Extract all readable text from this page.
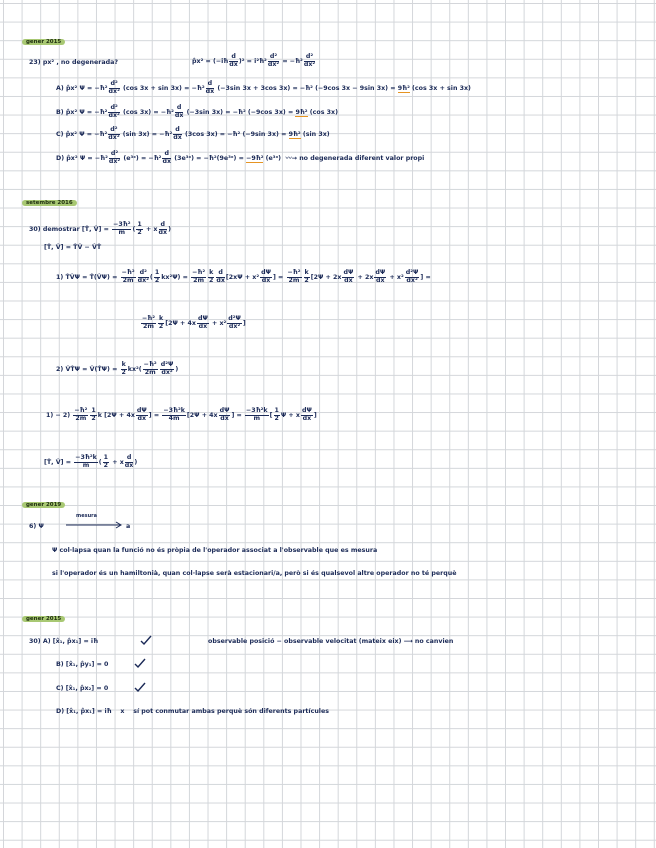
gener 2015
23) px² , no degenerada?	p̂x² = (−iħ $\frac{d}{dx} )^2$ = i²ħ² $\frac{\text{d²}}{\text{dx²}}$ = −ħ² $\frac{\text{d²}}{\text{dx²}}$
A) p̂x² Ψ = −ħ² $\frac{\text{d²}}{\text{dx²}} (\cos$ 3x + sin 3x) = −ħ² $\frac{d}{dx} (-3\sin$ 3x + 3cos 3x) = −ħ² (−9cos 3x − 9sin 3x) = 9ħ² (cos 3x + sin 3x)
B) p̂x² Ψ = −ħ² $\frac{\text{d²}}{\text{dx²}} (\cos$ 3x) = −ħ² $\frac{d}{dx} (-3\sin$ 3x) = −ħ² (−9cos 3x) = 9ħ² (cos 3x)
C) p̂x² Ψ = −ħ² $\frac{\text{d²}}{\text{dx²}} (\sin$ 3x) = −ħ² $\frac{d}{dx} (3\cos$ 3x) = −ħ² (−9sin 3x) = 9ħ² (sin 3x)
D) p̂x² Ψ = −ħ² $\frac{\text{d²}}{\text{dx²}}$ (e³ˣ) = −ħ² $\frac{d}{dx}$ (3e³ˣ) = −ħ²(9e³ˣ) = −9ħ² (e³ˣ) 〰→ no degenerada diferent valor propi
setembre 2016
30) demostrar [T̂, V̂] = $\frac{\text{−3ħ²}}{m}$ ( $\frac{1}{2} + x \frac{d}{dx}$ )
[T̂, V̂] = T̂V̂ − V̂T̂
1) T̂V̂Ψ = T̂(V̂Ψ) = $\frac{\text{−ħ²}}{2m} \frac{\text{d²}}{\text{dx²}}$ ( $\frac{1}{2} kx^2\Psi) = \frac{\text{−ħ²}}{2m} \frac{k}{2} \frac{d}{dx} [2x\Psi + x^2 \frac{d\Psi}{dx}$ ] = $\frac{\text{−ħ²}}{2m} \frac{k}{2} [2\Psi + 2x \frac{d\Psi}{dx} + 2x \frac{d\Psi}{dx} + x^2 \frac{\text{d²Ψ}}{\text{dx²}}$ ] =
$\frac{\text{−ħ²}}{2m} \frac{k}{2} [2\Psi + 4x \frac{d\Psi}{dx} + x^2 \frac{\text{d²Ψ}}{\text{dx²}}$ ]
2) V̂T̂Ψ = V̂(T̂Ψ) = $\frac{k}{2} kx^2( \frac{\text{−ħ²}}{2m} \frac{\text{d²Ψ}}{\text{dx²}}$ )
$1) - 2) \frac{\text{−ħ²}}{2m} \frac{1}{2}$ k [$2\Psi + 4x \frac{d\Psi}{dx}$ ] = $\frac{\text{−3ħ²k}}{4m} [2\Psi + 4x \frac{d\Psi}{dx}$ ] = $\frac{\text{−3ħ²k}}{m}$ [ $\frac{1}{2}$ Ψ + x $\frac{d\Psi}{dx}$ ]
[T̂, V̂] = $\frac{\text{−3ħ²k}}{m}$ ( $\frac{1}{2} + x \frac{d}{dx}$ )
gener 2019
6) Ψ
mesura
a
Ψ col·lapsa quan la funció no és pròpia de l'operador associat a l'observable que es mesura
si l'operador és un hamiltonià, quan col·lapse serà estacionari/a, però si és qualsevol altre operador no té perquè
gener 2015
30) A) [x̂₁, p̂x₁] = iħ	observable posició − observable velocitat (mateix eix) ⟶ no canvien
B) [x̂₁, p̂y₁] = 0
C) [x̂₁, p̂x₂] = 0
D) [x̂₁, p̂x₁] = iħ x sí pot conmutar ambas perquè són diferents partícules
